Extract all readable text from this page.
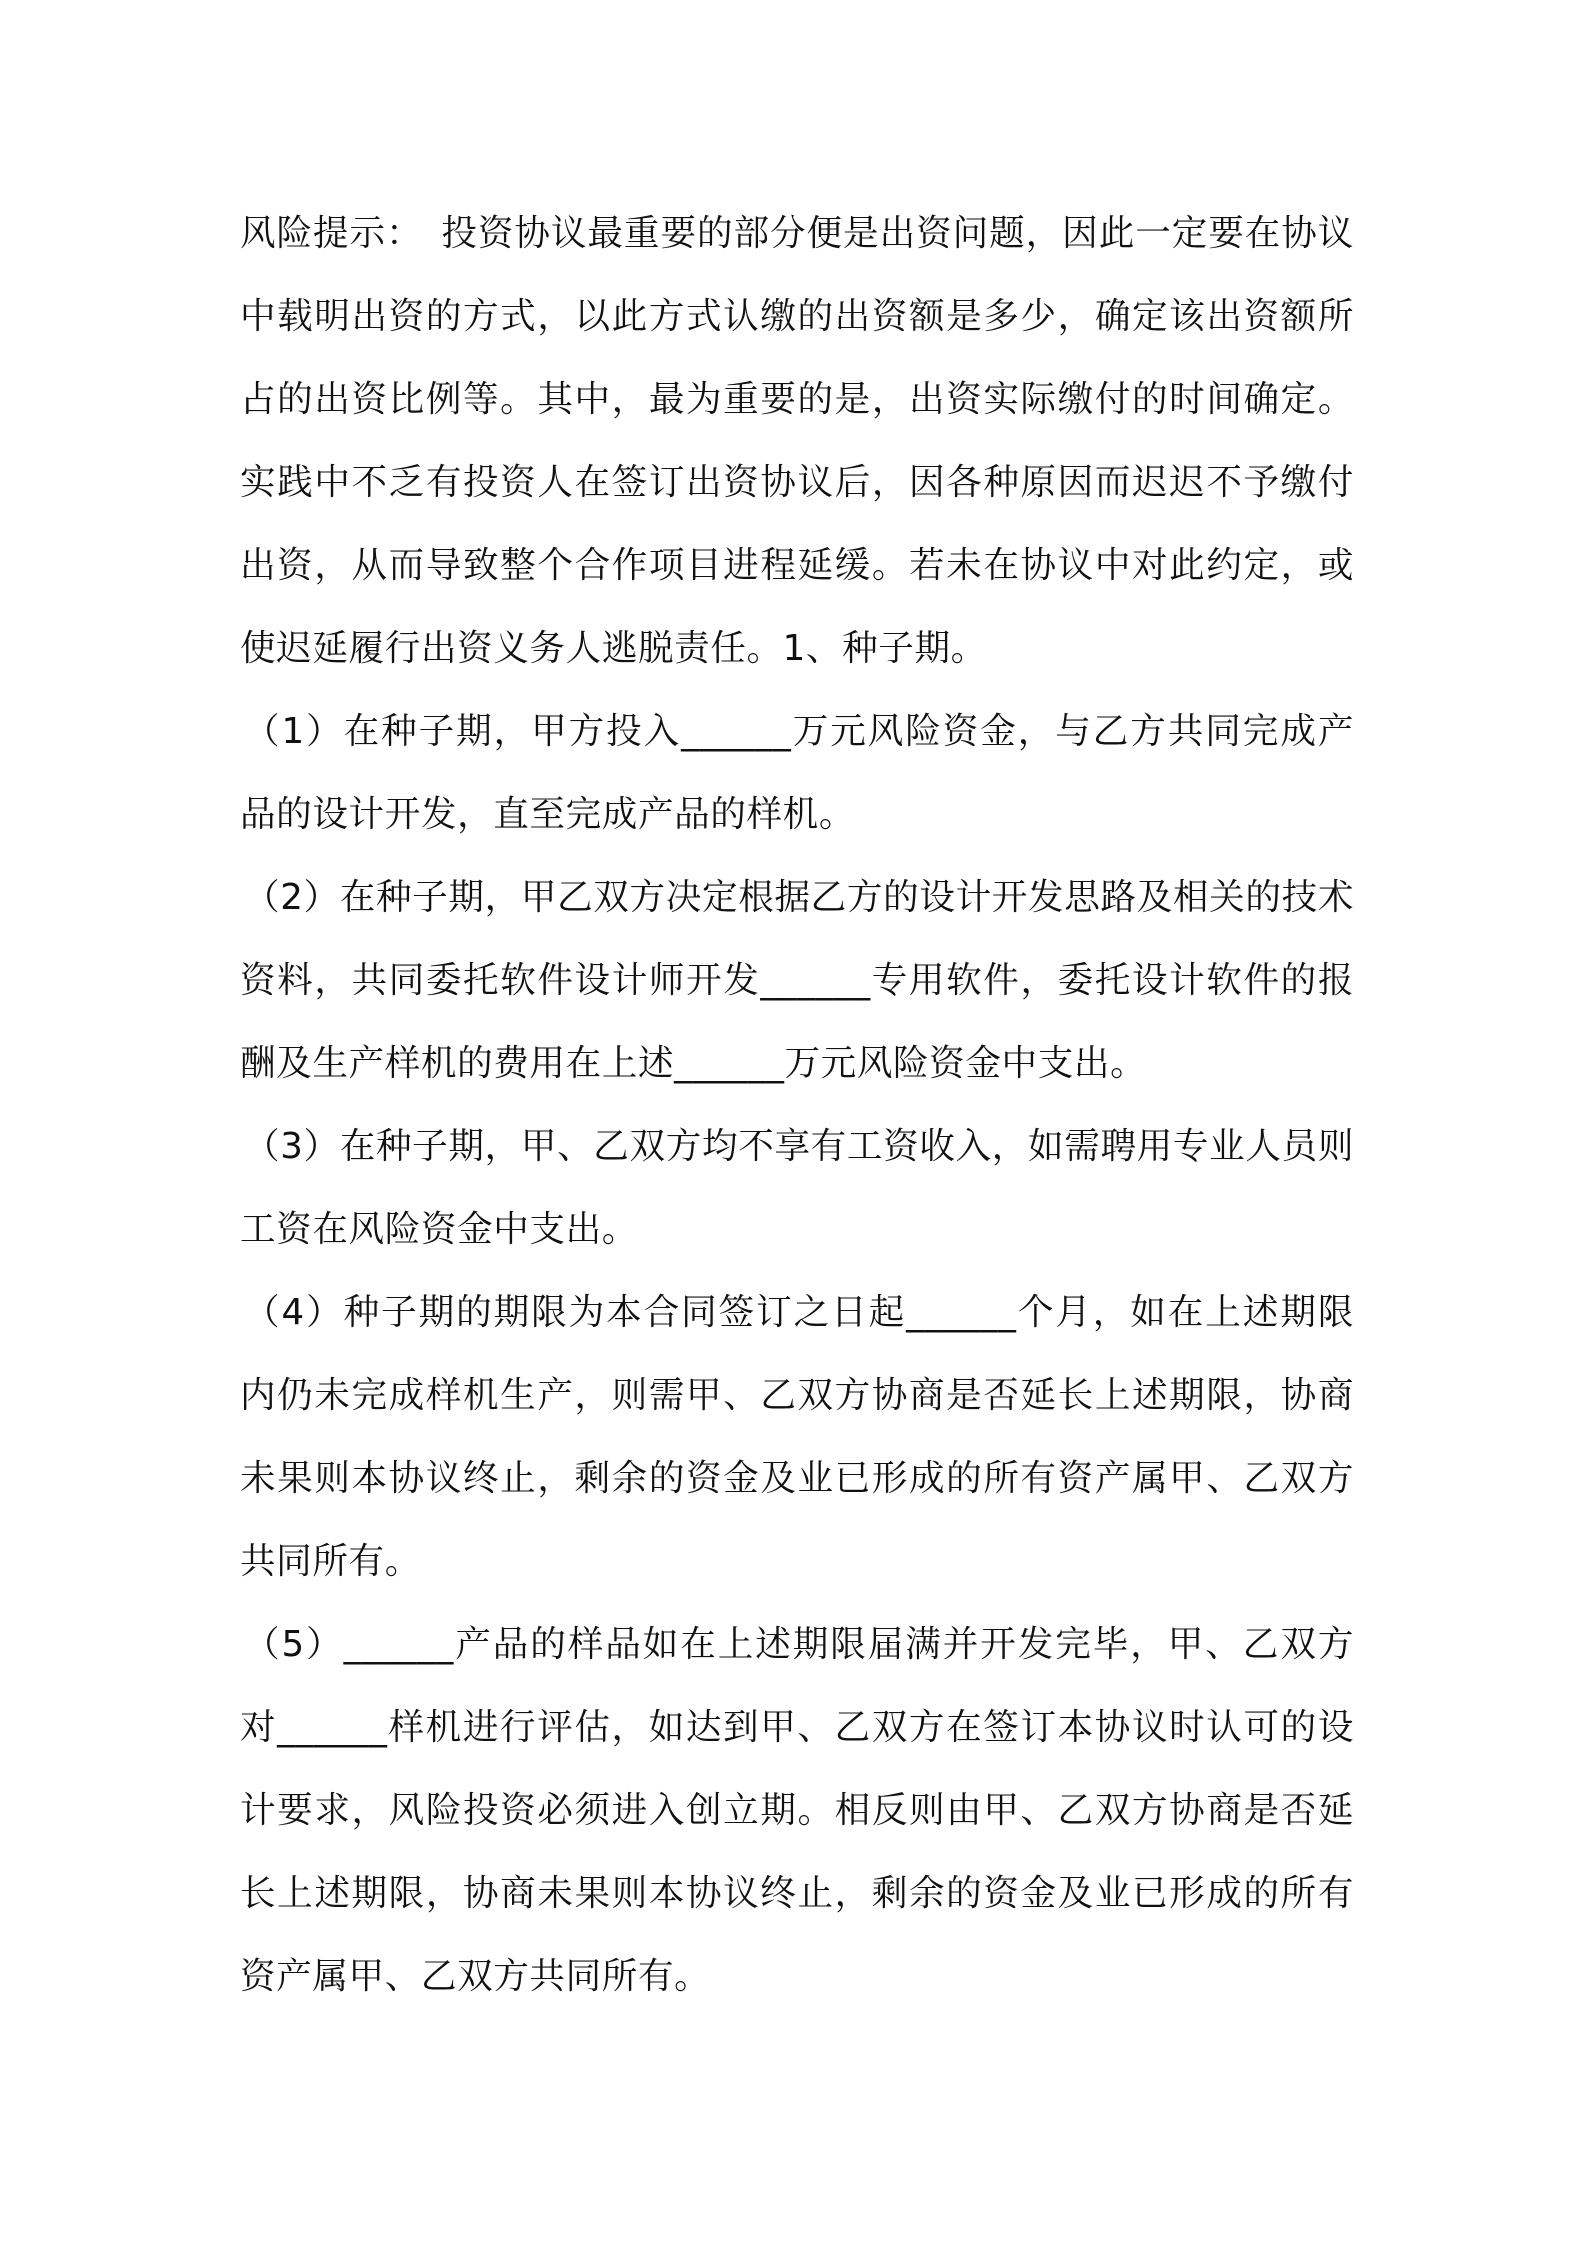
风险提示：　投资协议最重要的部分便是出资问题，因此一定要在协议中载明出资的方式，以此方式认缴的出资额是多少，确定该出资额所占的出资比例等。其中，最为重要的是，出资实际缴付的时间确定。实践中不乏有投资人在签订出资协议后，因各种原因而迟迟不予缴付出资，从而导致整个合作项目进程延缓。若未在协议中对此约定，或使迟延履行出资义务人逃脱责任。1、种子期。

（1）在种子期，甲方投入______万元风险资金，与乙方共同完成产品的设计开发，直至完成产品的样机。

（2）在种子期，甲乙双方决定根据乙方的设计开发思路及相关的技术资料，共同委托软件设计师开发______专用软件，委托设计软件的报酬及生产样机的费用在上述______万元风险资金中支出。

（3）在种子期，甲、乙双方均不享有工资收入，如需聘用专业人员则工资在风险资金中支出。

（4）种子期的期限为本合同签订之日起______个月，如在上述期限内仍未完成样机生产，则需甲、乙双方协商是否延长上述期限，协商未果则本协议终止，剩余的资金及业已形成的所有资产属甲、乙双方共同所有。

（5）______产品的样品如在上述期限届满并开发完毕，甲、乙双方对______样机进行评估，如达到甲、乙双方在签订本协议时认可的设计要求，风险投资必须进入创立期。相反则由甲、乙双方协商是否延长上述期限，协商未果则本协议终止，剩余的资金及业已形成的所有资产属甲、乙双方共同所有。
